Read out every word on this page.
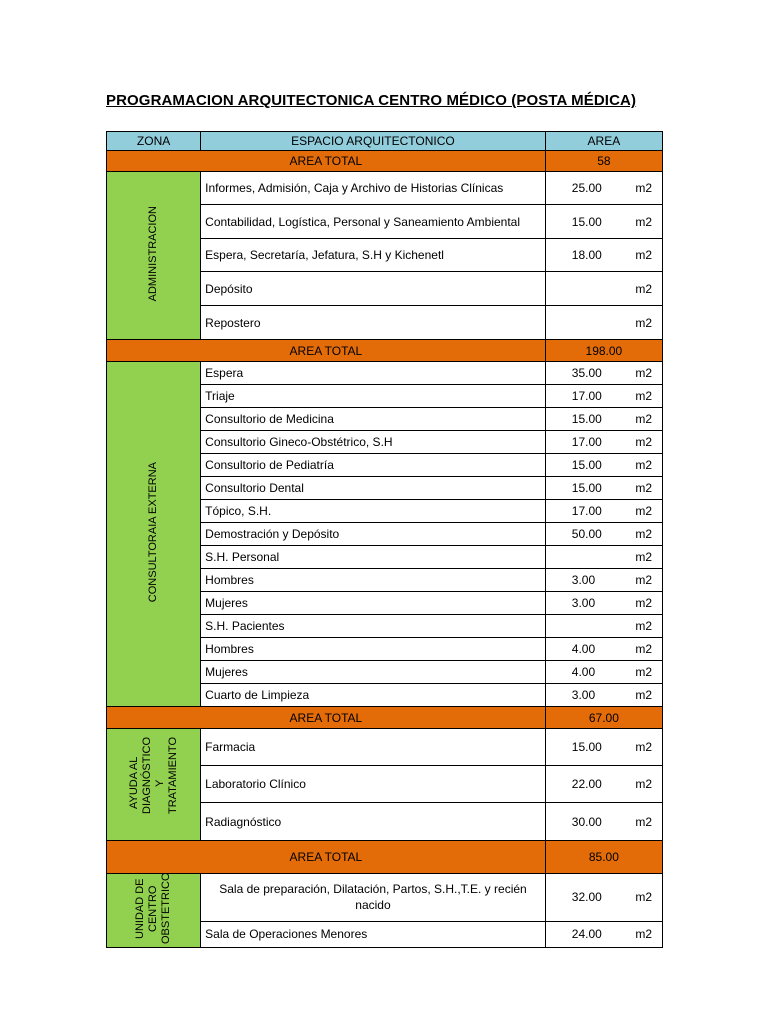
PROGRAMACION ARQUITECTONICA CENTRO MÉDICO (POSTA MÉDICA)
ZONA	ESPACIO ARQUITECTONICO	AREA
AREA TOTAL		58
ADMINISTRACION	Informes, Admisión, Caja y Archivo de Historias Clínicas	25.00 m2

	Contabilidad, Logística, Personal y Saneamiento Ambiental	15.00 m2

	Espera, Secretaría, Jefatura, S.H y Kichenetl	18.00 m2

	Depósito	m2

	Repostero	m2

AREA TOTAL		198.00
CONSULTORAIA EXTERNA	Espera	35.00 m2

	Triaje	17.00 m2

	Consultorio de Medicina	15.00 m2

	Consultorio Gineco-Obstétrico, S.H	17.00 m2

	Consultorio de Pediatría	15.00 m2

	Consultorio Dental	15.00 m2

	Tópico, S.H.	17.00 m2

	Demostración y Depósito	50.00 m2

	S.H. Personal	m2

	Hombres	3.00 m2

	Mujeres	3.00 m2

	S.H. Pacientes	m2

	Hombres	4.00 m2

	Mujeres	4.00 m2

	Cuarto de Limpieza	3.00 m2

AREA TOTAL		67.00
AYUDA AL DIAGNÓSTICO Y TRATAMIENTO	Farmacia	15.00 m2

	Laboratorio Clínico	22.00 m2

	Radiagnóstico	30.00 m2

AREA TOTAL		85.00
UNIDAD DE CENTRO OBSTETRICO	Sala de preparación, Dilatación, Partos, S.H.,T.E. y recién nacido	32.00 m2

	Sala de Operaciones Menores	24.00 m2
